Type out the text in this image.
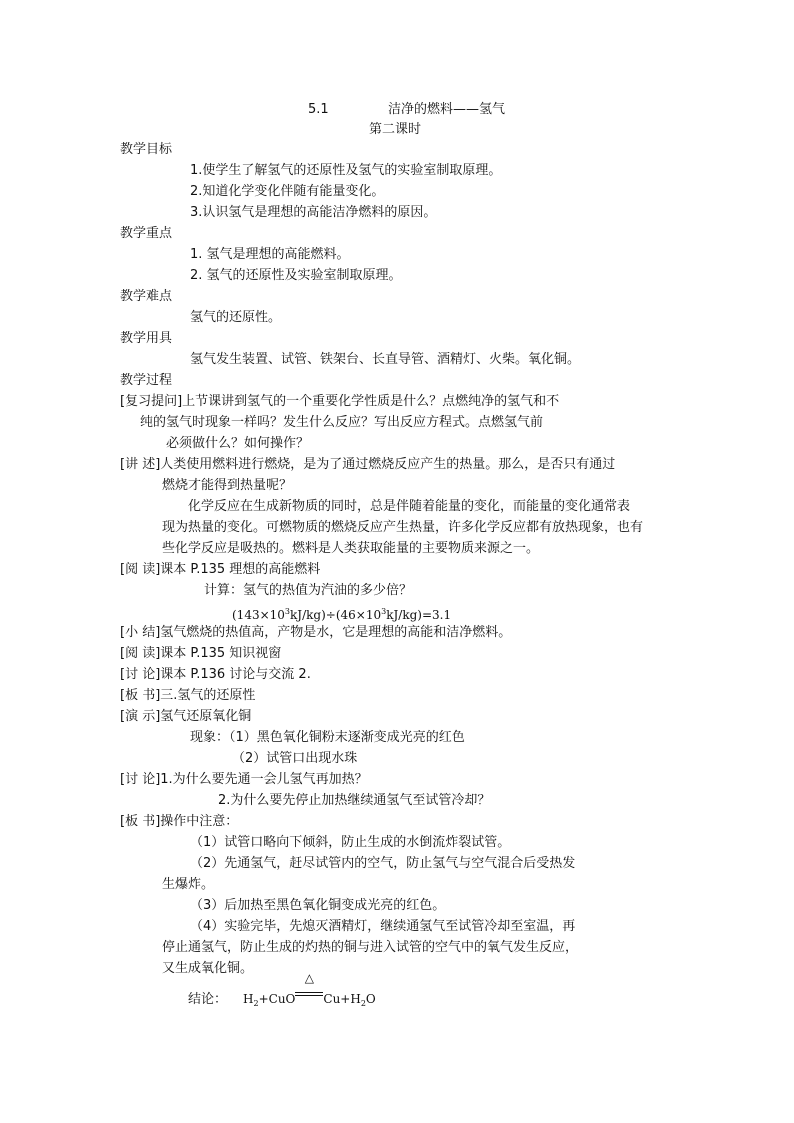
5.1	洁净的燃料——氢气
第二课时
教学目标
1.使学生了解氢气的还原性及氢气的实验室制取原理。
2.知道化学变化伴随有能量变化。
3.认识氢气是理想的高能洁净燃料的原因。
教学重点
1. 氢气是理想的高能燃料。
2. 氢气的还原性及实验室制取原理。
教学难点
氢气的还原性。
教学用具
氢气发生装置、试管、铁架台、长直导管、酒精灯、火柴。氧化铜。
教学过程
[复习提问]上节课讲到氢气的一个重要化学性质是什么？点燃纯净的氢气和不
纯的氢气时现象一样吗？发生什么反应？写出反应方程式。点燃氢气前
必须做什么？如何操作？
[讲 述]人类使用燃料进行燃烧，是为了通过燃烧反应产生的热量。那么，是否只有通过
燃烧才能得到热量呢？
化学反应在生成新物质的同时，总是伴随着能量的变化，而能量的变化通常表
现为热量的变化。可燃物质的燃烧反应产生热量，许多化学反应都有放热现象，也有
些化学反应是吸热的。燃料是人类获取能量的主要物质来源之一。
[阅 读]课本 P.135 理想的高能燃料
计算：氢气的热值为汽油的多少倍？
$(143\times 10^3kJ/kg)\div(46\times 10^3kJ/kg)=3.1$
[小 结]氢气燃烧的热值高，产物是水，它是理想的高能和洁净燃料。
[阅 读]课本 P.135 知识视窗
[讨 论]课本 P.136 讨论与交流 2.
[板 书]三.氢气的还原性
[演 示]氢气还原氧化铜
现象：（1）黑色氧化铜粉末逐渐变成光亮的红色
（2）试管口出现水珠
[讨 论]1.为什么要先通一会儿氢气再加热？
2.为什么要先停止加热继续通氢气至试管冷却？
[板 书]操作中注意：
（1）试管口略向下倾斜，防止生成的水倒流炸裂试管。
（2）先通氢气，赶尽试管内的空气，防止氢气与空气混合后受热发
生爆炸。
（3）后加热至黑色氧化铜变成光亮的红色。
（4）实验完毕，先熄灭酒精灯，继续通氢气至试管冷却至室温，再
停止通氢气，防止生成的灼热的铜与进入试管的空气中的氧气发生反应，
又生成氧化铜。
结论： $H_2+CuO$
△
$Cu+H_2O$
